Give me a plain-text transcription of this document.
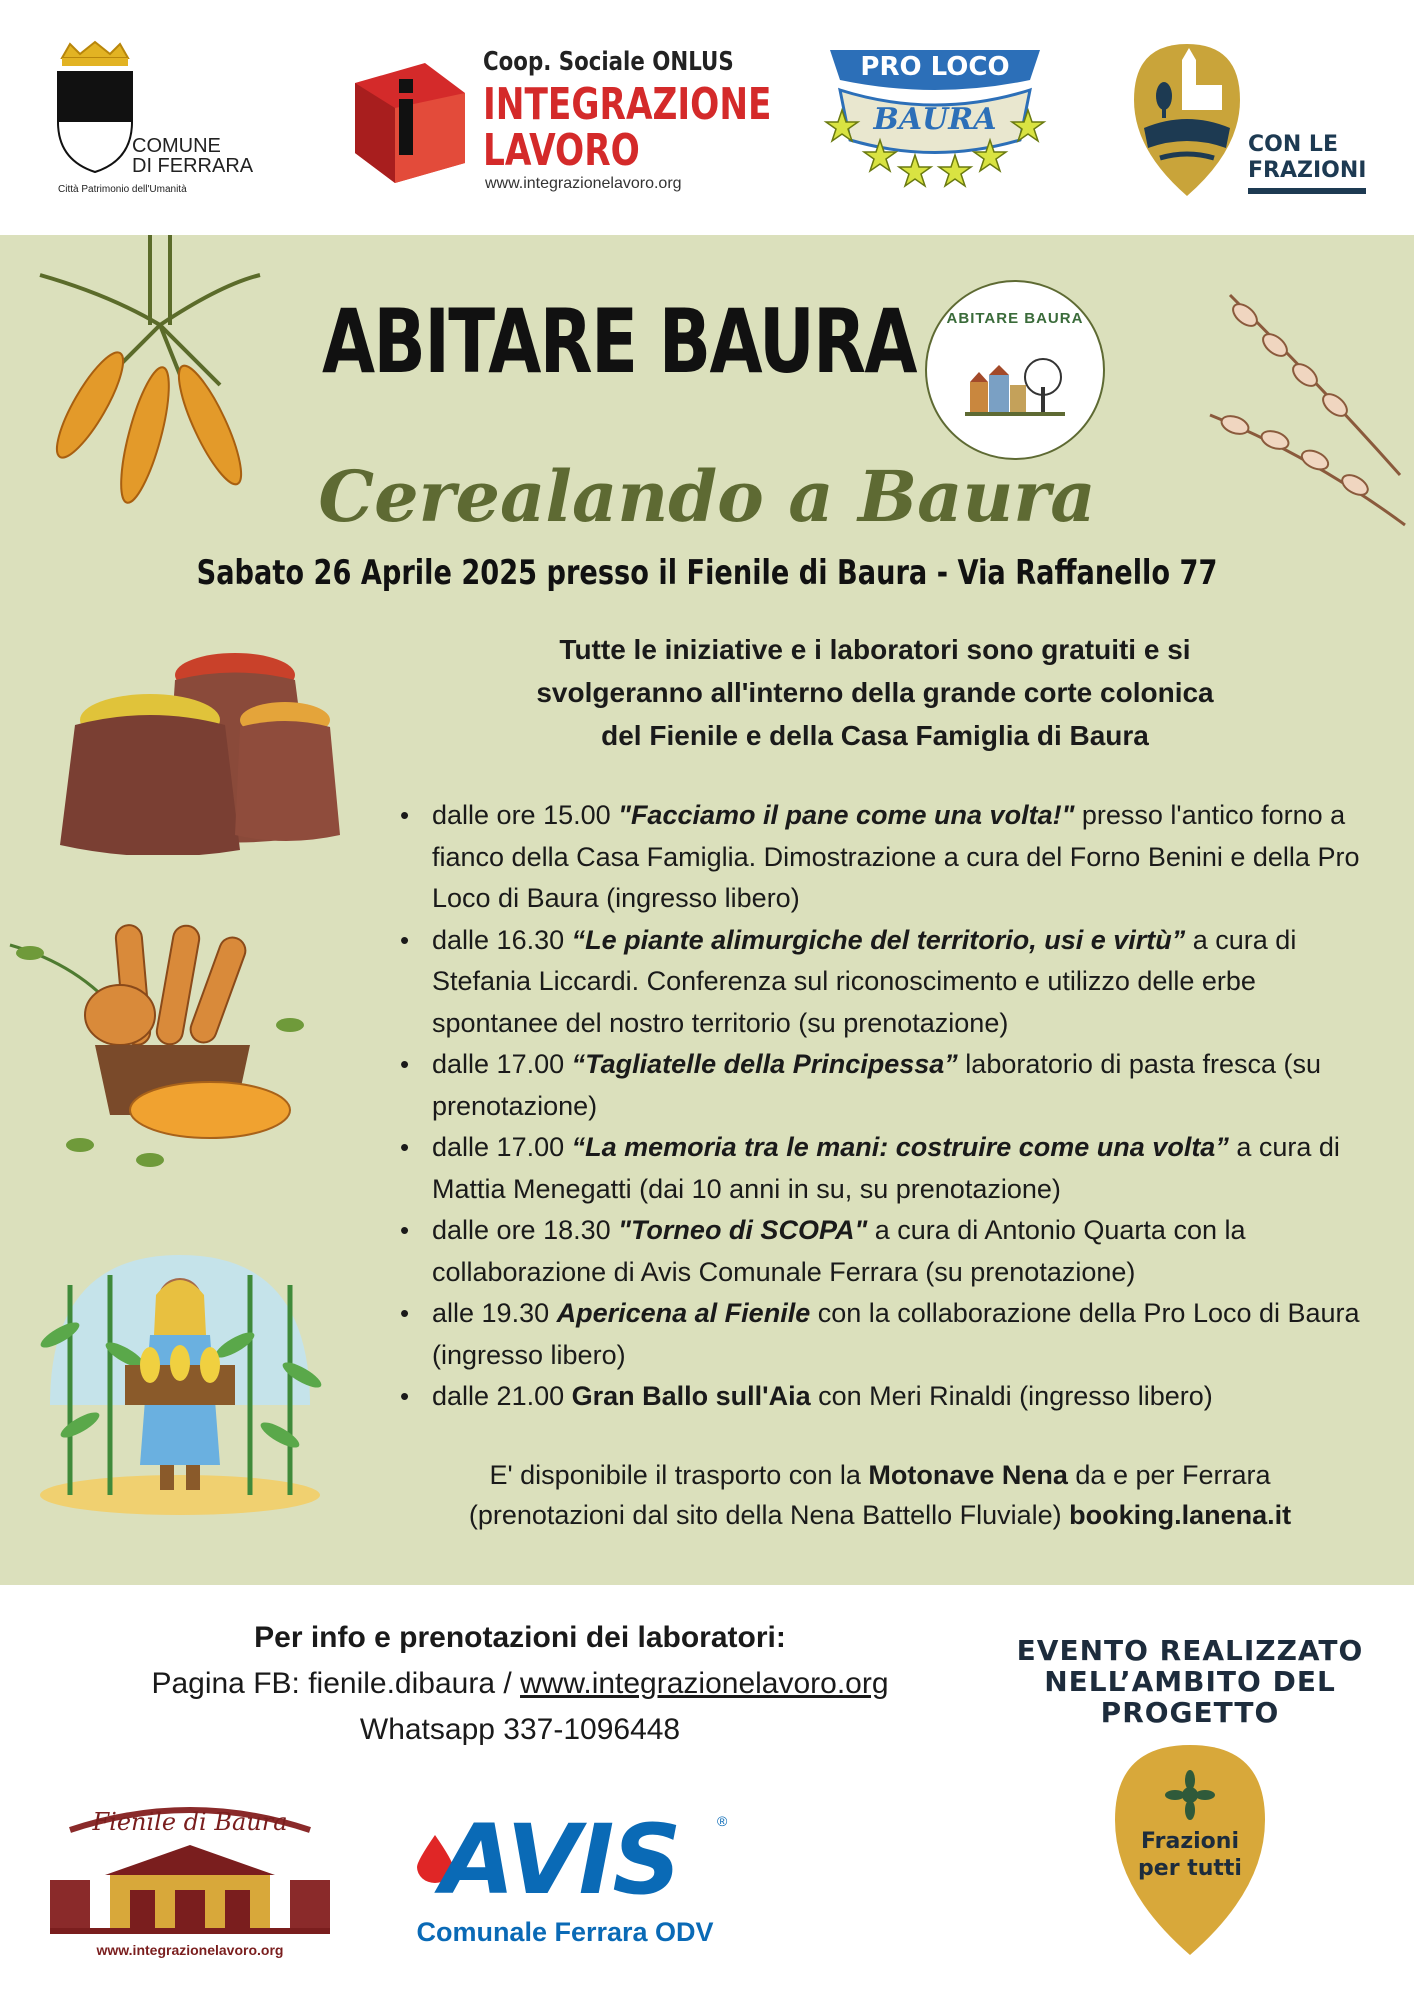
COMUNE
DI FERRARA
Città Patrimonio dell'Umanità
Coop. Sociale ONLUS
INTEGRAZIONE
LAVORO
www.integrazionelavoro.org
PRO LOCO
BAURA
CON LE
FRAZIONI
ABITARE BAURA	ABITARE BAURA
Cerealando a Baura
Sabato 26 Aprile 2025 presso il Fienile di Baura - Via Raffanello 77
Tutte le iniziative e i laboratori sono gratuiti e si
svolgeranno all'interno della grande corte colonica
del Fienile e della Casa Famiglia di Baura
• dalle ore 15.00 "Facciamo il pane come una volta!" presso l'antico forno a fianco della Casa Famiglia. Dimostrazione a cura del Forno Benini e della Pro Loco di Baura (ingresso libero)
• dalle 16.30 “Le piante alimurgiche del territorio, usi e virtù” a cura di Stefania Liccardi. Conferenza sul riconoscimento e utilizzo delle erbe spontanee del nostro territorio (su prenotazione)
• dalle 17.00 “Tagliatelle della Principessa” laboratorio di pasta fresca (su prenotazione)
• dalle 17.00 “La memoria tra le mani: costruire come una volta” a cura di Mattia Menegatti (dai 10 anni in su, su prenotazione)
• dalle ore 18.30 "Torneo di SCOPA" a cura di Antonio Quarta con la collaborazione di Avis Comunale Ferrara (su prenotazione)
• alle 19.30 Apericena al Fienile con la collaborazione della Pro Loco di Baura (ingresso libero)
• dalle 21.00 Gran Ballo sull'Aia con Meri Rinaldi (ingresso libero)
E' disponibile il trasporto con la Motonave Nena da e per Ferrara
(prenotazioni dal sito della Nena Battello Fluviale) booking.lanena.it
Per info e prenotazioni dei laboratori:
Pagina FB: fienile.dibaura / www.integrazionelavoro.org
Whatsapp 337-1096448
EVENTO REALIZZATO
NELL’AMBITO DEL
PROGETTO
Frazioni
per tutti
Fienile di Baura
www.integrazionelavoro.org
AVIS	®
Comunale Ferrara ODV
